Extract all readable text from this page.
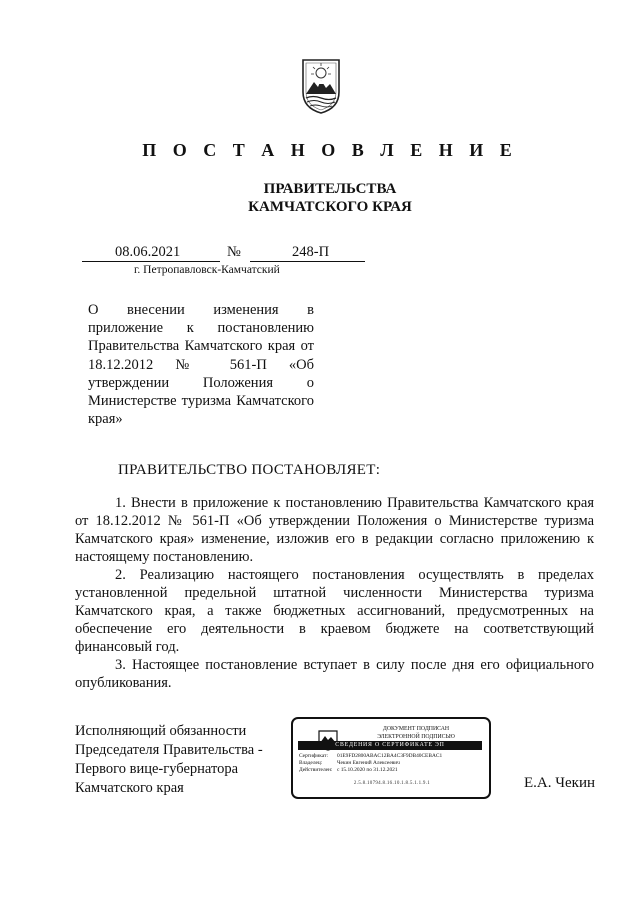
П О С Т А Н О В Л Е Н И Е
ПРАВИТЕЛЬСТВА
КАМЧАТСКОГО КРАЯ
08.06.2021	№	248-П
г. Петропавловск-Камчатский
О внесении изменения в приложение к постановлению Правительства Камчатского края от 18.12.2012 № 561-П «Об утверждении Положения о Министерстве туризма Камчатского края»
ПРАВИТЕЛЬСТВО ПОСТАНОВЛЯЕТ:

1. Внести в приложение к постановлению Правительства Камчатского края от 18.12.2012 № 561-П «Об утверждении Положения о Министерстве туризма Камчатского края» изменение, изложив его в редакции согласно приложению к настоящему постановлению.

2. Реализацию настоящего постановления осуществлять в пределах установленной предельной штатной численности Министерства туризма Камчатского края, а также бюджетных ассигнований, предусмотренных на обеспечение его деятельности в краевом бюджете на соответствующий финансовый год.

3. Настоящее постановление вступает в силу после дня его официального опубликования.

Исполняющий обязанности
Председателя Правительства -
Первого вице-губернатора
Камчатского края
ДОКУМЕНТ ПОДПИСАН
ЭЛЕКТРОННОЙ ПОДПИСЬЮ
СВЕДЕНИЯ О СЕРТИФИКАТЕ ЭП
Сертификат:	01E9FD2800ABAC12BA4C3F9DB40CEBAC1
Владелец:	Чекин Евгений Алексеевич
Действителен: с 15.10.2020 по 31.12.2021
2.5.8.10794.8.16.10.1.8.5.1.1.9.1	Е.А. Чекин
